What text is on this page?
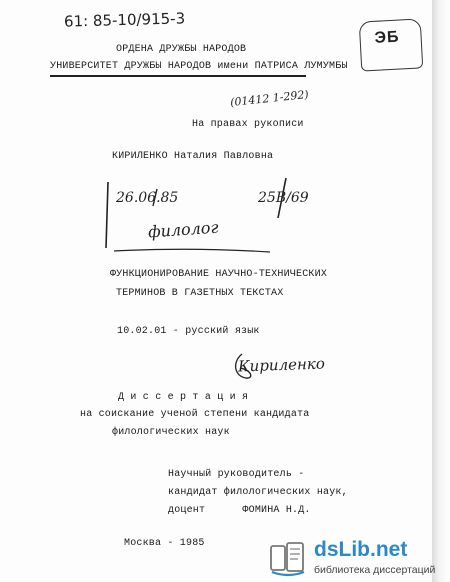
61: 85-10/915-3
ЭБ
ОРДЕНА ДРУЖБЫ НАРОДОВ
УНИВЕРСИТЕТ ДРУЖБЫ НАРОДОВ имени ПАТРИСА ЛУМУМБЫ
(01412 1-292)
На правах рукописи
КИРИЛЕНКО Наталия Павловна
26.06.85	25В/69
филолог
ФУНКЦИОНИРОВАНИЕ НАУЧНО-ТЕХНИЧЕСКИХ
ТЕРМИНОВ В ГАЗЕТНЫХ ТЕКСТАХ
10.02.01 - русский язык
Кириленко
Д и с с е р т а ц и я
на соискание ученой степени кандидата
филологических наук
Научный руководитель -
кандидат филологических наук,
доцент      ФОМИНА Н.Д.
Москва - 1985	dsLib.net
библиотека диссертаций
